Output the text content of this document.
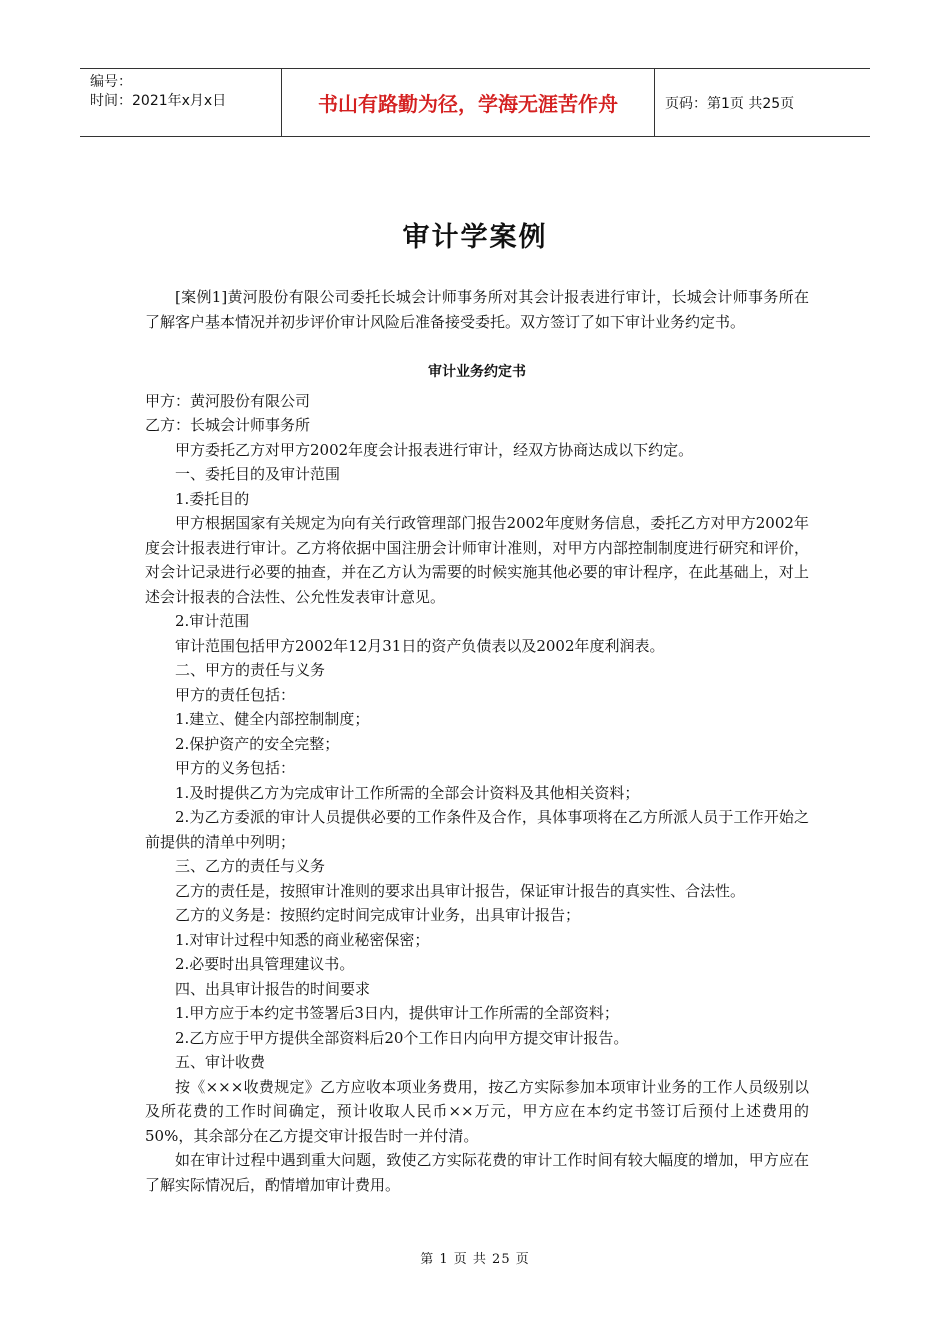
编号：
时间：2021年x月x日	书山有路勤为径，学海无涯苦作舟	页码：第1页 共25页
审计学案例

[案例1]黄河股份有限公司委托长城会计师事务所对其会计报表进行审计，长城会计师事务所在了解客户基本情况并初步评价审计风险后准备接受委托。双方签订了如下审计业务约定书。

审计业务约定书

甲方：黄河股份有限公司

乙方：长城会计师事务所

甲方委托乙方对甲方2002年度会计报表进行审计，经双方协商达成以下约定。

一、委托目的及审计范围

1.委托目的

甲方根据国家有关规定为向有关行政管理部门报告2002年度财务信息，委托乙方对甲方2002年度会计报表进行审计。乙方将依据中国注册会计师审计准则，对甲方内部控制制度进行研究和评价，对会计记录进行必要的抽查，并在乙方认为需要的时候实施其他必要的审计程序，在此基础上，对上述会计报表的合法性、公允性发表审计意见。

2.审计范围

审计范围包括甲方2002年12月31日的资产负债表以及2002年度利润表。

二、甲方的责任与义务

甲方的责任包括：

1.建立、健全内部控制制度；

2.保护资产的安全完整；

甲方的义务包括：

1.及时提供乙方为完成审计工作所需的全部会计资料及其他相关资料；

2.为乙方委派的审计人员提供必要的工作条件及合作，具体事项将在乙方所派人员于工作开始之前提供的清单中列明；

三、乙方的责任与义务

乙方的责任是，按照审计准则的要求出具审计报告，保证审计报告的真实性、合法性。

乙方的义务是：按照约定时间完成审计业务，出具审计报告；

1.对审计过程中知悉的商业秘密保密；

2.必要时出具管理建议书。

四、出具审计报告的时间要求

1.甲方应于本约定书签署后3日内，提供审计工作所需的全部资料；

2.乙方应于甲方提供全部资料后20个工作日内向甲方提交审计报告。

五、审计收费

按《×××收费规定》乙方应收本项业务费用，按乙方实际参加本项审计业务的工作人员级别以及所花费的工作时间确定，预计收取人民币××万元，甲方应在本约定书签订后预付上述费用的50%，其余部分在乙方提交审计报告时一并付清。

如在审计过程中遇到重大问题，致使乙方实际花费的审计工作时间有较大幅度的增加，甲方应在了解实际情况后，酌情增加审计费用。

第 1 页 共 25 页
